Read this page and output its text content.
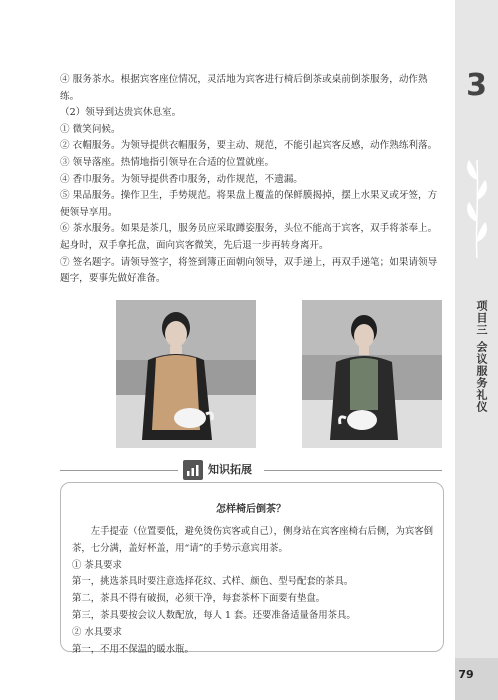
3
项目三 会议服务礼仪

④ 服务茶水。根据宾客座位情况，灵活地为宾客进行椅后倒茶或桌前倒茶服务，动作熟练。

（2）领导到达贵宾休息室。

① 微笑问候。

② 衣帽服务。为领导提供衣帽服务，要主动、规范，不能引起宾客反感，动作熟练利落。

③ 领导落座。热情地指引领导在合适的位置就座。

④ 香巾服务。为领导提供香巾服务，动作规范，不遗漏。

⑤ 果品服务。操作卫生，手势规范。将果盘上覆盖的保鲜膜揭掉，摆上水果叉或牙签，方便领导享用。

⑥ 茶水服务。如果是茶几，服务员应采取蹲姿服务，头位不能高于宾客，双手将茶奉上。起身时，双手拿托盘，面向宾客微笑，先后退一步再转身离开。

⑦ 签名题字。请领导签字，将签到簿正面朝向领导，双手递上，再双手递笔；如果请领导题字，要事先做好准备。

知识拓展
怎样椅后倒茶？

左手提壶（位置要低，避免烫伤宾客或自己），侧身站在宾客座椅右后侧，为宾客倒茶，七分满，盖好杯盖，用“请”的手势示意宾用茶。

① 茶具要求

第一，挑选茶具时要注意选择花纹、式样、颜色、型号配套的茶具。

第二，茶具不得有破损，必须干净，每套茶杯下面要有垫盘。

第三，茶具要按会议人数配放，每人 1 套。还要准备适量备用茶具。

② 水具要求

第一，不用不保温的暖水瓶。

79
